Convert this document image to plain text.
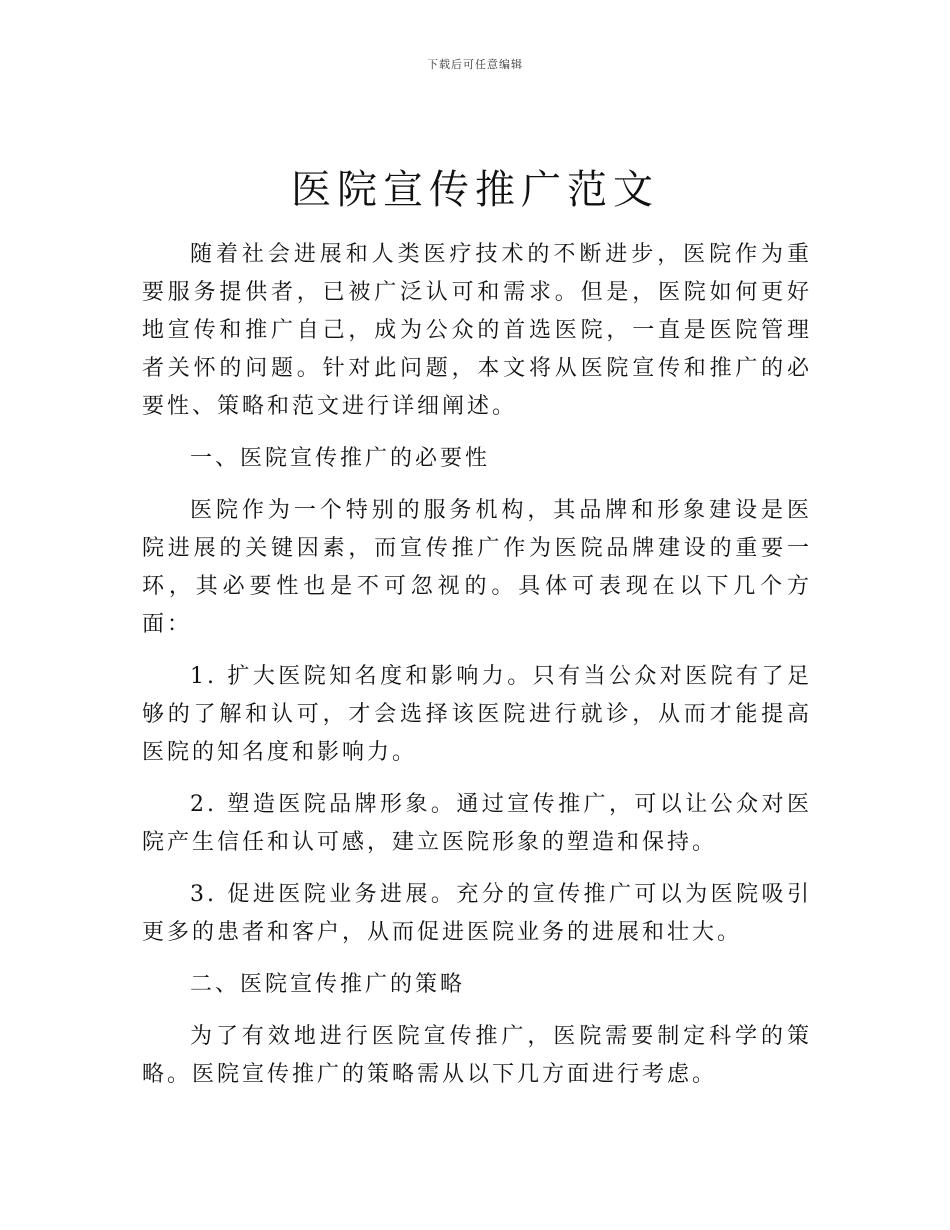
下载后可任意编辑
医院宣传推广范文

随着社会进展和人类医疗技术的不断进步，医院作为重要服务提供者，已被广泛认可和需求。但是，医院如何更好地宣传和推广自己，成为公众的首选医院，一直是医院管理者关怀的问题。针对此问题，本文将从医院宣传和推广的必要性、策略和范文进行详细阐述。

一、医院宣传推广的必要性

医院作为一个特别的服务机构，其品牌和形象建设是医院进展的关键因素，而宣传推广作为医院品牌建设的重要一环，其必要性也是不可忽视的。具体可表现在以下几个方面：

1. 扩大医院知名度和影响力。只有当公众对医院有了足够的了解和认可，才会选择该医院进行就诊，从而才能提高医院的知名度和影响力。

2. 塑造医院品牌形象。通过宣传推广，可以让公众对医院产生信任和认可感，建立医院形象的塑造和保持。

3. 促进医院业务进展。充分的宣传推广可以为医院吸引更多的患者和客户，从而促进医院业务的进展和壮大。

二、医院宣传推广的策略

为了有效地进行医院宣传推广，医院需要制定科学的策略。医院宣传推广的策略需从以下几方面进行考虑。
